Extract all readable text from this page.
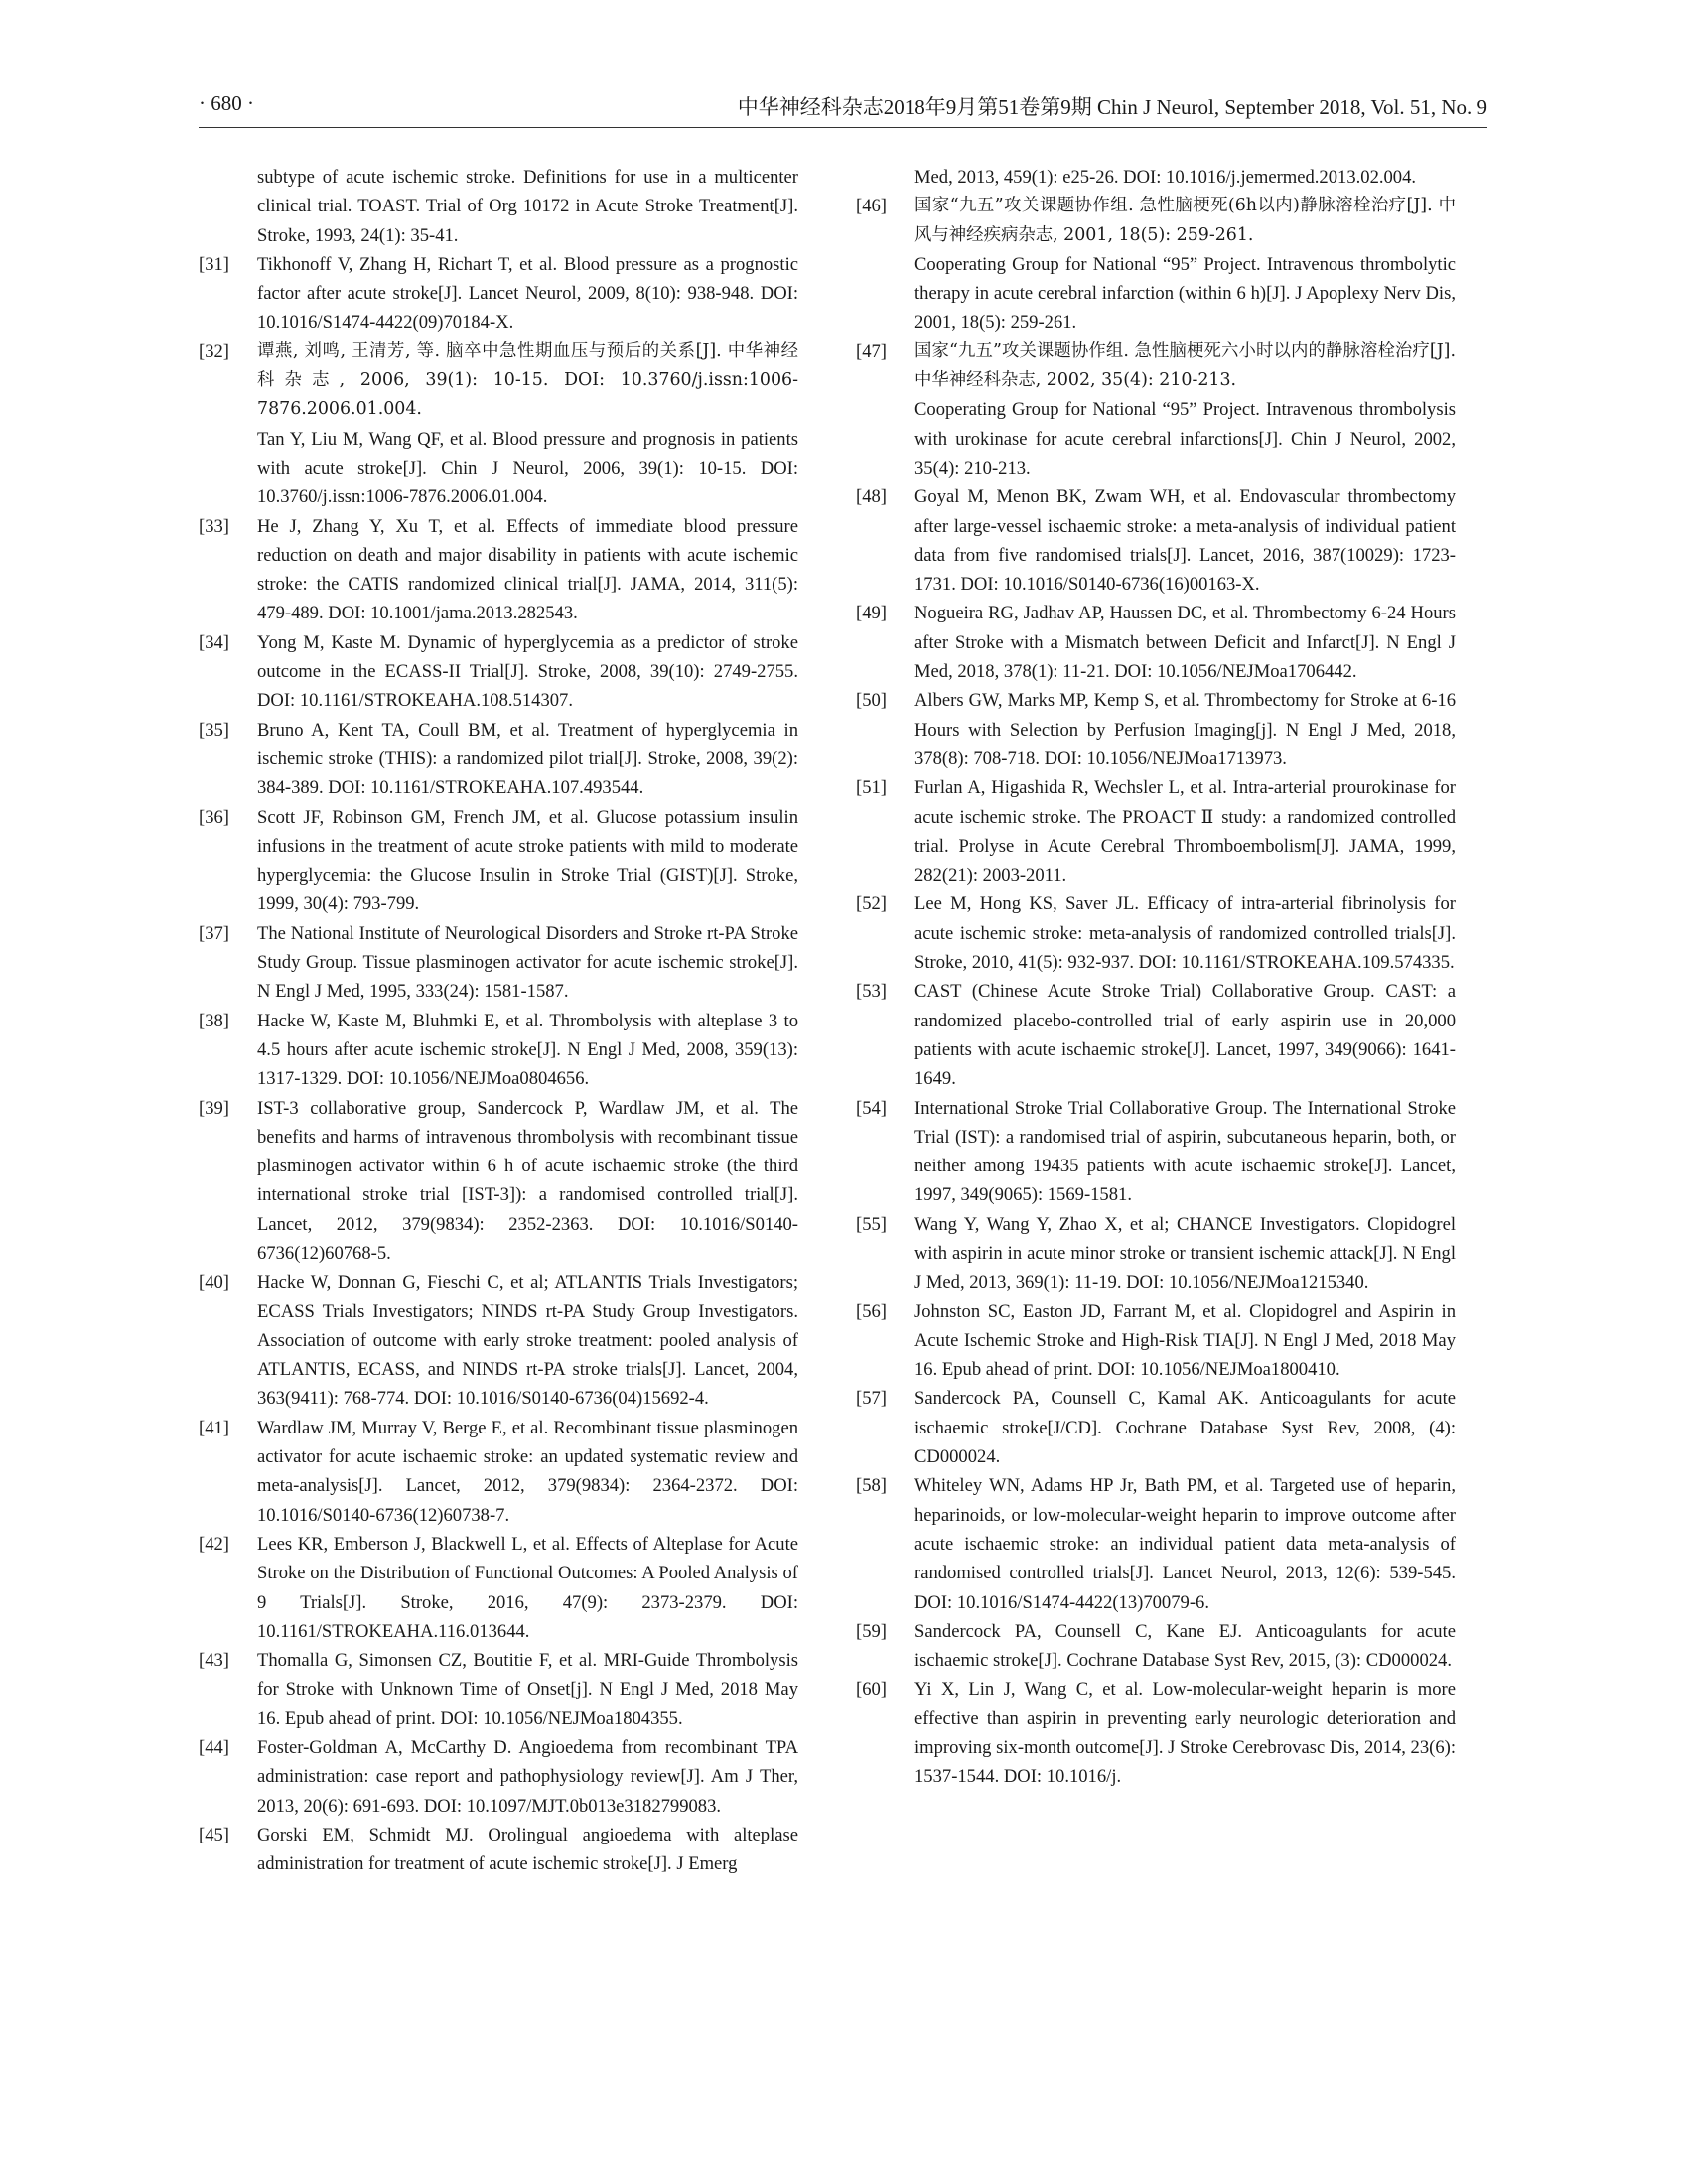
· 680 ·	中华神经科杂志2018年9月第51卷第9期 Chin J Neurol, September 2018, Vol. 51, No. 9
subtype of acute ischemic stroke. Definitions for use in a multicenter clinical trial. TOAST. Trial of Org 10172 in Acute Stroke Treatment[J]. Stroke, 1993, 24(1): 35-41.
[31]	Tikhonoff V, Zhang H, Richart T, et al. Blood pressure as a prognostic factor after acute stroke[J]. Lancet Neurol, 2009, 8(10): 938-948. DOI: 10.1016/S1474-4422(09)70184-X.
[32]	谭燕, 刘鸣, 王清芳, 等. 脑卒中急性期血压与预后的关系[J]. 中华神经科杂志, 2006, 39(1): 10-15. DOI: 10.3760/j.issn:1006-7876.2006.01.004.
Tan Y, Liu M, Wang QF, et al. Blood pressure and prognosis in patients with acute stroke[J]. Chin J Neurol, 2006, 39(1): 10-15. DOI: 10.3760/j.issn:1006-7876.2006.01.004.
[33]	He J, Zhang Y, Xu T, et al. Effects of immediate blood pressure reduction on death and major disability in patients with acute ischemic stroke: the CATIS randomized clinical trial[J]. JAMA, 2014, 311(5): 479-489. DOI: 10.1001/jama.2013.282543.
[34]	Yong M, Kaste M. Dynamic of hyperglycemia as a predictor of stroke outcome in the ECASS-II Trial[J]. Stroke, 2008, 39(10): 2749-2755. DOI: 10.1161/STROKEAHA.108.514307.
[35]	Bruno A, Kent TA, Coull BM, et al. Treatment of hyperglycemia in ischemic stroke (THIS): a randomized pilot trial[J]. Stroke, 2008, 39(2): 384-389. DOI: 10.1161/STROKEAHA.107.493544.
[36]	Scott JF, Robinson GM, French JM, et al. Glucose potassium insulin infusions in the treatment of acute stroke patients with mild to moderate hyperglycemia: the Glucose Insulin in Stroke Trial (GIST)[J]. Stroke, 1999, 30(4): 793-799.
[37]	The National Institute of Neurological Disorders and Stroke rt-PA Stroke Study Group. Tissue plasminogen activator for acute ischemic stroke[J]. N Engl J Med, 1995, 333(24): 1581-1587.
[38]	Hacke W, Kaste M, Bluhmki E, et al. Thrombolysis with alteplase 3 to 4.5 hours after acute ischemic stroke[J]. N Engl J Med, 2008, 359(13): 1317-1329. DOI: 10.1056/NEJMoa0804656.
[39]	IST-3 collaborative group, Sandercock P, Wardlaw JM, et al. The benefits and harms of intravenous thrombolysis with recombinant tissue plasminogen activator within 6 h of acute ischaemic stroke (the third international stroke trial [IST-3]): a randomised controlled trial[J]. Lancet, 2012, 379(9834): 2352-2363. DOI: 10.1016/S0140-6736(12)60768-5.
[40]	Hacke W, Donnan G, Fieschi C, et al; ATLANTIS Trials Investigators; ECASS Trials Investigators; NINDS rt-PA Study Group Investigators. Association of outcome with early stroke treatment: pooled analysis of ATLANTIS, ECASS, and NINDS rt-PA stroke trials[J]. Lancet, 2004, 363(9411): 768-774. DOI: 10.1016/S0140-6736(04)15692-4.
[41]	Wardlaw JM, Murray V, Berge E, et al. Recombinant tissue plasminogen activator for acute ischaemic stroke: an updated systematic review and meta-analysis[J]. Lancet, 2012, 379(9834): 2364-2372. DOI: 10.1016/S0140-6736(12)60738-7.
[42]	Lees KR, Emberson J, Blackwell L, et al. Effects of Alteplase for Acute Stroke on the Distribution of Functional Outcomes: A Pooled Analysis of 9 Trials[J]. Stroke, 2016, 47(9): 2373-2379. DOI: 10.1161/STROKEAHA.116.013644.
[43]	Thomalla G, Simonsen CZ, Boutitie F, et al. MRI-Guide Thrombolysis for Stroke with Unknown Time of Onset[j]. N Engl J Med, 2018 May 16. Epub ahead of print. DOI: 10.1056/NEJMoa1804355.
[44]	Foster-Goldman A, McCarthy D. Angioedema from recombinant TPA administration: case report and pathophysiology review[J]. Am J Ther, 2013, 20(6): 691-693. DOI: 10.1097/MJT.0b013e3182799083.
[45]	Gorski EM, Schmidt MJ. Orolingual angioedema with alteplase administration for treatment of acute ischemic stroke[J]. J Emerg
Med, 2013, 459(1): e25-26. DOI: 10.1016/j.jemermed.2013.02.004.
[46]	国家“九五”攻关课题协作组. 急性脑梗死(6h以内)静脉溶栓治疗[J]. 中风与神经疾病杂志, 2001, 18(5): 259-261.
Cooperating Group for National “95” Project. Intravenous thrombolytic therapy in acute cerebral infarction (within 6 h)[J]. J Apoplexy Nerv Dis, 2001, 18(5): 259-261.
[47]	国家“九五”攻关课题协作组. 急性脑梗死六小时以内的静脉溶栓治疗[J]. 中华神经科杂志, 2002, 35(4): 210-213.
Cooperating Group for National “95” Project. Intravenous thrombolysis with urokinase for acute cerebral infarctions[J]. Chin J Neurol, 2002, 35(4): 210-213.
[48]	Goyal M, Menon BK, Zwam WH, et al. Endovascular thrombectomy after large-vessel ischaemic stroke: a meta-analysis of individual patient data from five randomised trials[J]. Lancet, 2016, 387(10029): 1723-1731. DOI: 10.1016/S0140-6736(16)00163-X.
[49]	Nogueira RG, Jadhav AP, Haussen DC, et al. Thrombectomy 6-24 Hours after Stroke with a Mismatch between Deficit and Infarct[J]. N Engl J Med, 2018, 378(1): 11-21. DOI: 10.1056/NEJMoa1706442.
[50]	Albers GW, Marks MP, Kemp S, et al. Thrombectomy for Stroke at 6-16 Hours with Selection by Perfusion Imaging[j]. N Engl J Med, 2018, 378(8): 708-718. DOI: 10.1056/NEJMoa1713973.
[51]	Furlan A, Higashida R, Wechsler L, et al. Intra-arterial prourokinase for acute ischemic stroke. The PROACT Ⅱ study: a randomized controlled trial. Prolyse in Acute Cerebral Thromboembolism[J]. JAMA, 1999, 282(21): 2003-2011.
[52]	Lee M, Hong KS, Saver JL. Efficacy of intra-arterial fibrinolysis for acute ischemic stroke: meta-analysis of randomized controlled trials[J]. Stroke, 2010, 41(5): 932-937. DOI: 10.1161/STROKEAHA.109.574335.
[53]	CAST (Chinese Acute Stroke Trial) Collaborative Group. CAST: a randomized placebo-controlled trial of early aspirin use in 20,000 patients with acute ischaemic stroke[J]. Lancet, 1997, 349(9066): 1641-1649.
[54]	International Stroke Trial Collaborative Group. The International Stroke Trial (IST): a randomised trial of aspirin, subcutaneous heparin, both, or neither among 19435 patients with acute ischaemic stroke[J]. Lancet, 1997, 349(9065): 1569-1581.
[55]	Wang Y, Wang Y, Zhao X, et al; CHANCE Investigators. Clopidogrel with aspirin in acute minor stroke or transient ischemic attack[J]. N Engl J Med, 2013, 369(1): 11-19. DOI: 10.1056/NEJMoa1215340.
[56]	Johnston SC, Easton JD, Farrant M, et al. Clopidogrel and Aspirin in Acute Ischemic Stroke and High-Risk TIA[J]. N Engl J Med, 2018 May 16. Epub ahead of print. DOI: 10.1056/NEJMoa1800410.
[57]	Sandercock PA, Counsell C, Kamal AK. Anticoagulants for acute ischaemic stroke[J/CD]. Cochrane Database Syst Rev, 2008, (4): CD000024.
[58]	Whiteley WN, Adams HP Jr, Bath PM, et al. Targeted use of heparin, heparinoids, or low-molecular-weight heparin to improve outcome after acute ischaemic stroke: an individual patient data meta-analysis of randomised controlled trials[J]. Lancet Neurol, 2013, 12(6): 539-545. DOI: 10.1016/S1474-4422(13)70079-6.
[59]	Sandercock PA, Counsell C, Kane EJ. Anticoagulants for acute ischaemic stroke[J]. Cochrane Database Syst Rev, 2015, (3): CD000024.
[60]	Yi X, Lin J, Wang C, et al. Low-molecular-weight heparin is more effective than aspirin in preventing early neurologic deterioration and improving six-month outcome[J]. J Stroke Cerebrovasc Dis, 2014, 23(6): 1537-1544. DOI: 10.1016/j.
